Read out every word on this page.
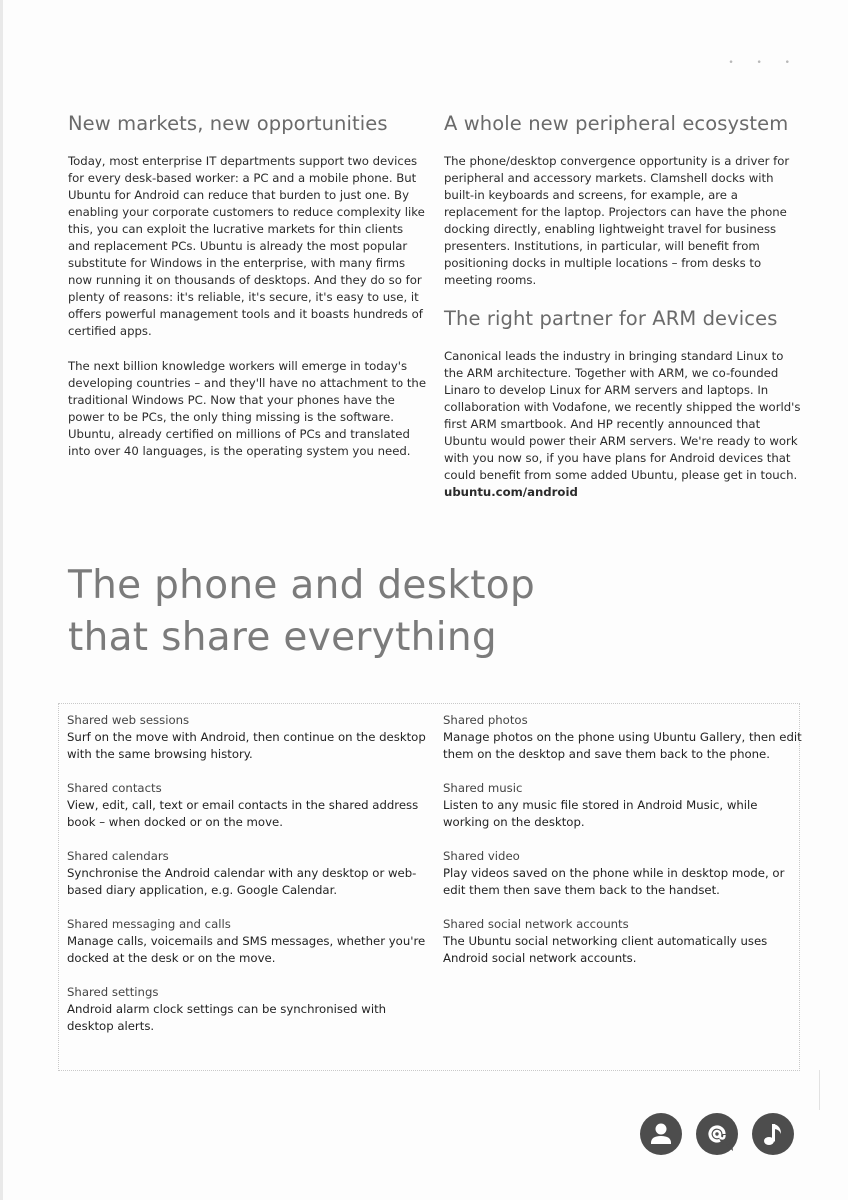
• • •
New markets, new opportunities

Today, most enterprise IT departments support two devices for every desk-based worker: a PC and a mobile phone. But Ubuntu for Android can reduce that burden to just one. By enabling your corporate customers to reduce complexity like this, you can exploit the lucrative markets for thin clients and replacement PCs. Ubuntu is already the most popular substitute for Windows in the enterprise, with many firms now running it on thousands of desktops. And they do so for plenty of reasons: it's reliable, it's secure, it's easy to use, it offers powerful management tools and it boasts hundreds of certified apps.

The next billion knowledge workers will emerge in today's developing countries – and they'll have no attachment to the traditional Windows PC. Now that your phones have the power to be PCs, the only thing missing is the software. Ubuntu, already certified on millions of PCs and translated into over 40 languages, is the operating system you need.

A whole new peripheral ecosystem

The phone/desktop convergence opportunity is a driver for peripheral and accessory markets. Clamshell docks with built-in keyboards and screens, for example, are a replacement for the laptop. Projectors can have the phone docking directly, enabling lightweight travel for business presenters. Institutions, in particular, will benefit from positioning docks in multiple locations – from desks to meeting rooms.

The right partner for ARM devices

Canonical leads the industry in bringing standard Linux to the ARM architecture. Together with ARM, we co-founded Linaro to develop Linux for ARM servers and laptops. In collaboration with Vodafone, we recently shipped the world's first ARM smartbook. And HP recently announced that Ubuntu would power their ARM servers. We're ready to work with you now so, if you have plans for Android devices that could benefit from some added Ubuntu, please get in touch. ubuntu.com/android

The phone and desktop
that share everything
Shared web sessions
Surf on the move with Android, then continue on the desktop with the same browsing history.
Shared contacts
View, edit, call, text or email contacts in the shared address book – when docked or on the move.
Shared calendars
Synchronise the Android calendar with any desktop or web-based diary application, e.g. Google Calendar.
Shared messaging and calls
Manage calls, voicemails and SMS messages, whether you're docked at the desk or on the move.
Shared settings
Android alarm clock settings can be synchronised with desktop alerts.
Shared photos
Manage photos on the phone using Ubuntu Gallery, then edit them on the desktop and save them back to the phone.
Shared music
Listen to any music file stored in Android Music, while working on the desktop.
Shared video
Play videos saved on the phone while in desktop mode, or edit them then save them back to the handset.
Shared social network accounts
The Ubuntu social networking client automatically uses Android social network accounts.
